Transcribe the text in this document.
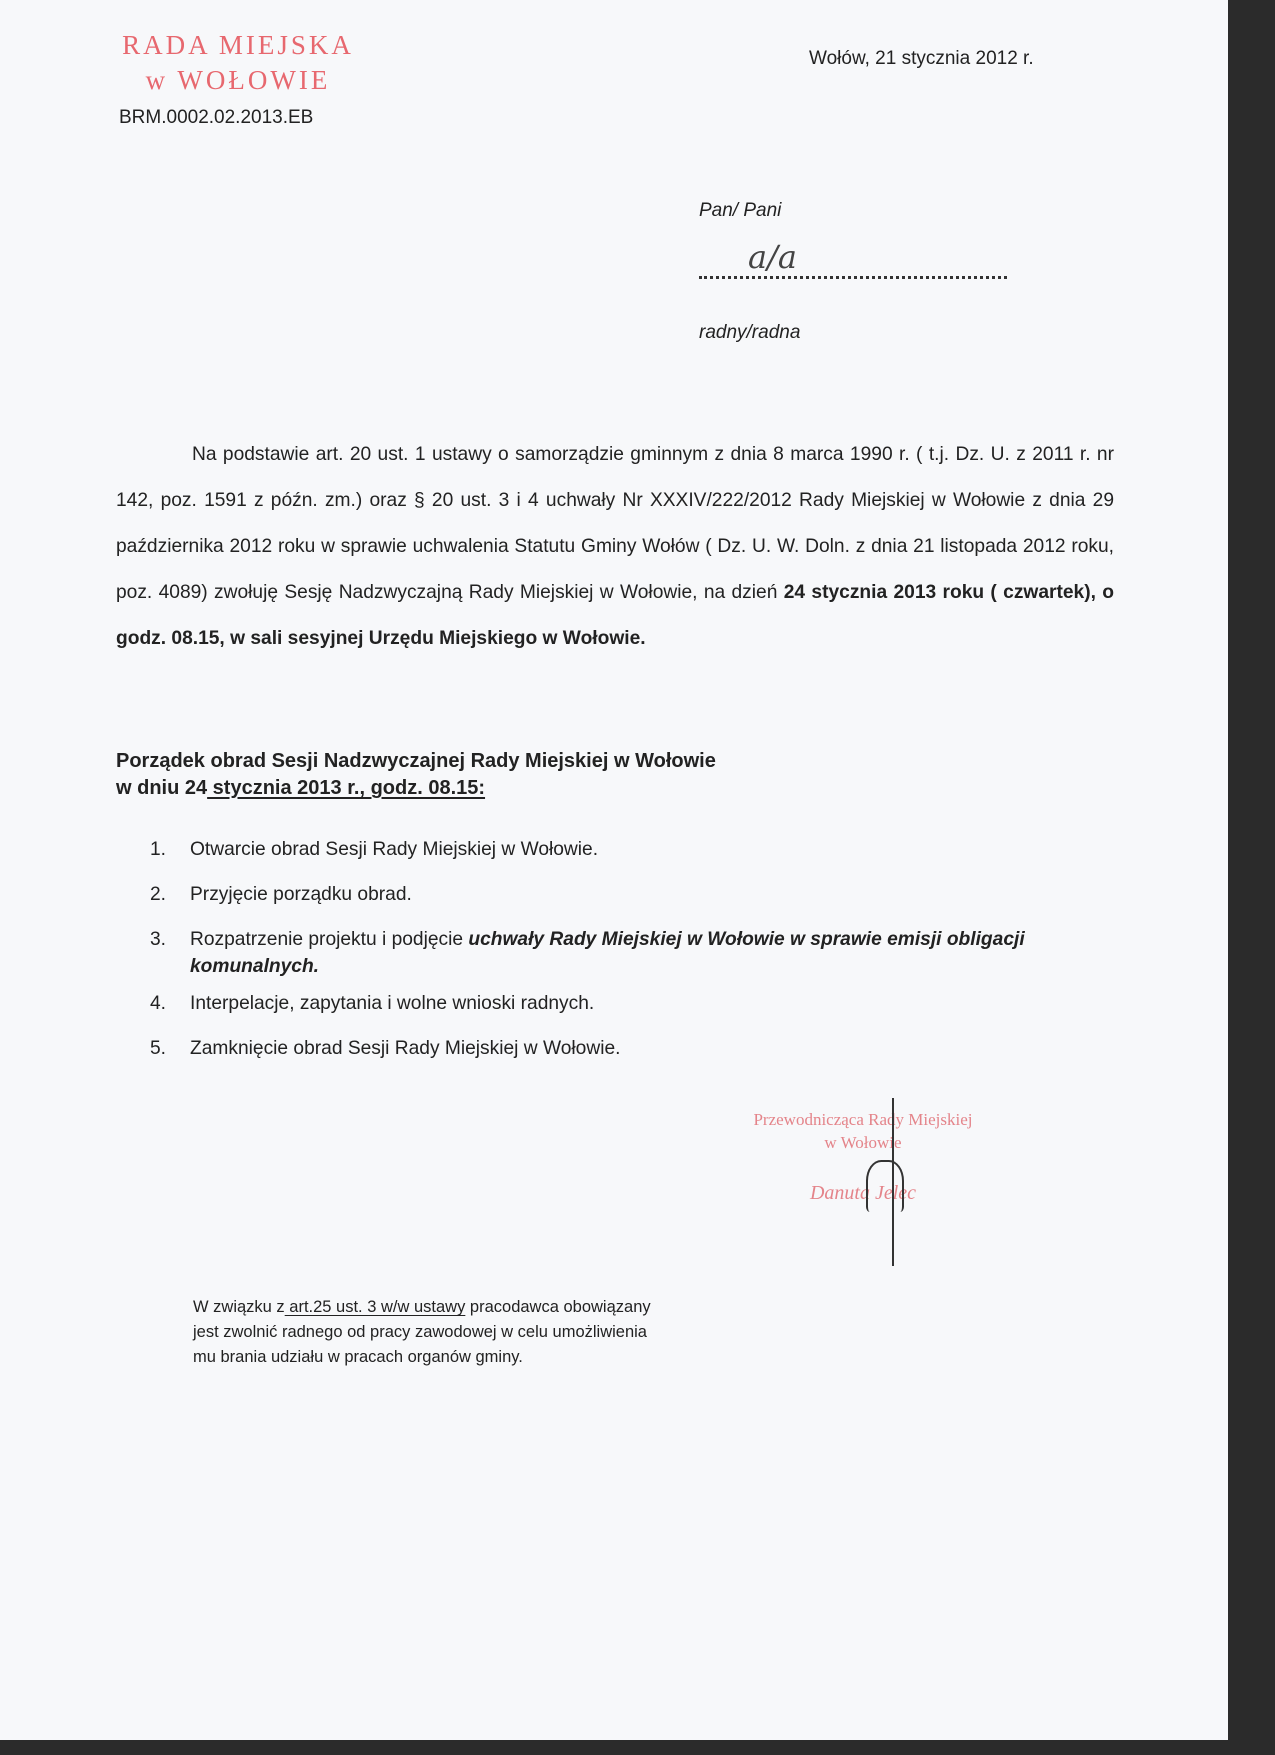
RADA MIEJSKA
w WOŁOWIE
BRM.0002.02.2013.EB
Wołów, 21 stycznia 2012 r.
Pan/ Pani
a/a
radny/radna
Na podstawie art. 20 ust. 1 ustawy o samorządzie gminnym z dnia 8 marca 1990 r. ( t.j. Dz. U. z 2011 r. nr 142, poz. 1591 z późn. zm.) oraz § 20 ust. 3 i 4 uchwały Nr XXXIV/222/2012 Rady Miejskiej w Wołowie z dnia 29 października 2012 roku w sprawie uchwalenia Statutu Gminy Wołów ( Dz. U. W. Doln. z dnia 21 listopada 2012 roku, poz. 4089) zwołuję Sesję Nadzwyczajną Rady Miejskiej w Wołowie, na dzień 24 stycznia 2013 roku ( czwartek), o godz. 08.15, w sali sesyjnej Urzędu Miejskiego w Wołowie.
Porządek obrad Sesji Nadzwyczajnej Rady Miejskiej w Wołowie
w dniu 24 stycznia 2013 r., godz. 08.15:
1.	Otwarcie obrad Sesji Rady Miejskiej w Wołowie.
2.	Przyjęcie porządku obrad.
3.	Rozpatrzenie projektu i podjęcie uchwały Rady Miejskiej w Wołowie w sprawie emisji obligacji komunalnych.
4.	Interpelacje, zapytania i wolne wnioski radnych.
5.	Zamknięcie obrad Sesji Rady Miejskiej w Wołowie.
Przewodnicząca Rady Miejskiej
w Wołowie
Danuta Jelec
W związku z art.25 ust. 3 w/w ustawy pracodawca obowiązany jest zwolnić radnego od pracy zawodowej w celu umożliwienia mu brania udziału w pracach organów gminy.
